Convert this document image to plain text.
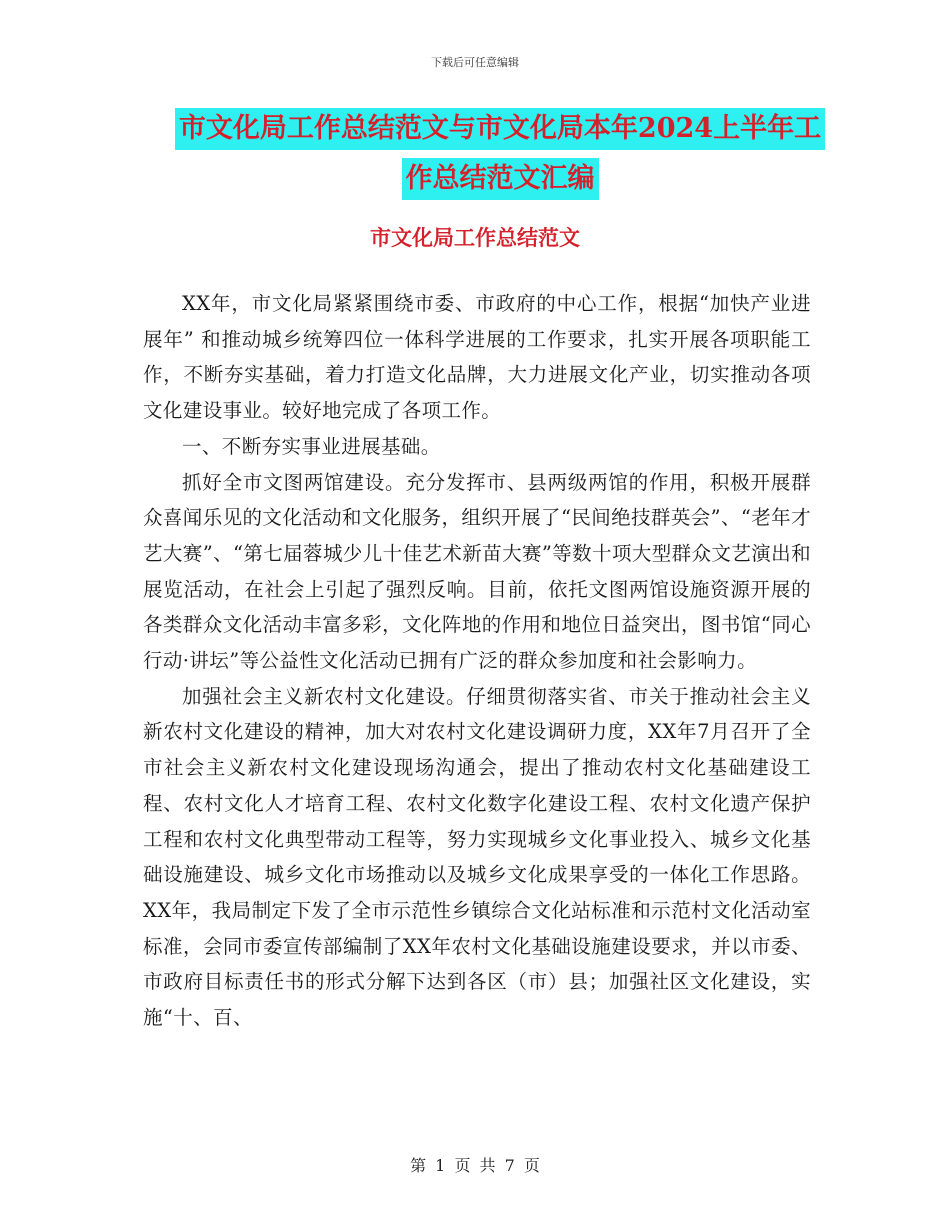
下载后可任意编辑
市文化局工作总结范文与市文化局本年2024上半年工
作总结范文汇编
市文化局工作总结范文

XX年，市文化局紧紧围绕市委、市政府的中心工作，根据“加快产业进展年” 和推动城乡统筹四位一体科学进展的工作要求，扎实开展各项职能工作，不断夯实基础，着力打造文化品牌，大力进展文化产业，切实推动各项文化建设事业。较好地完成了各项工作。

一、不断夯实事业进展基础。

抓好全市文图两馆建设。充分发挥市、县两级两馆的作用，积极开展群众喜闻乐见的文化活动和文化服务，组织开展了“民间绝技群英会”、“老年才艺大赛”、“第七届蓉城少儿十佳艺术新苗大赛”等数十项大型群众文艺演出和展览活动，在社会上引起了强烈反响。目前，依托文图两馆设施资源开展的各类群众文化活动丰富多彩，文化阵地的作用和地位日益突出，图书馆“同心行动·讲坛”等公益性文化活动已拥有广泛的群众参加度和社会影响力。

加强社会主义新农村文化建设。仔细贯彻落实省、市关于推动社会主义新农村文化建设的精神，加大对农村文化建设调研力度，XX年7月召开了全市社会主义新农村文化建设现场沟通会，提出了推动农村文化基础建设工程、农村文化人才培育工程、农村文化数字化建设工程、农村文化遗产保护工程和农村文化典型带动工程等，努力实现城乡文化事业投入、城乡文化基础设施建设、城乡文化市场推动以及城乡文化成果享受的一体化工作思路。XX年，我局制定下发了全市示范性乡镇综合文化站标准和示范村文化活动室标准，会同市委宣传部编制了XX年农村文化基础设施建设要求，并以市委、市政府目标责任书的形式分解下达到各区（市）县；加强社区文化建设，实施“十、百、

第 1 页 共 7 页
